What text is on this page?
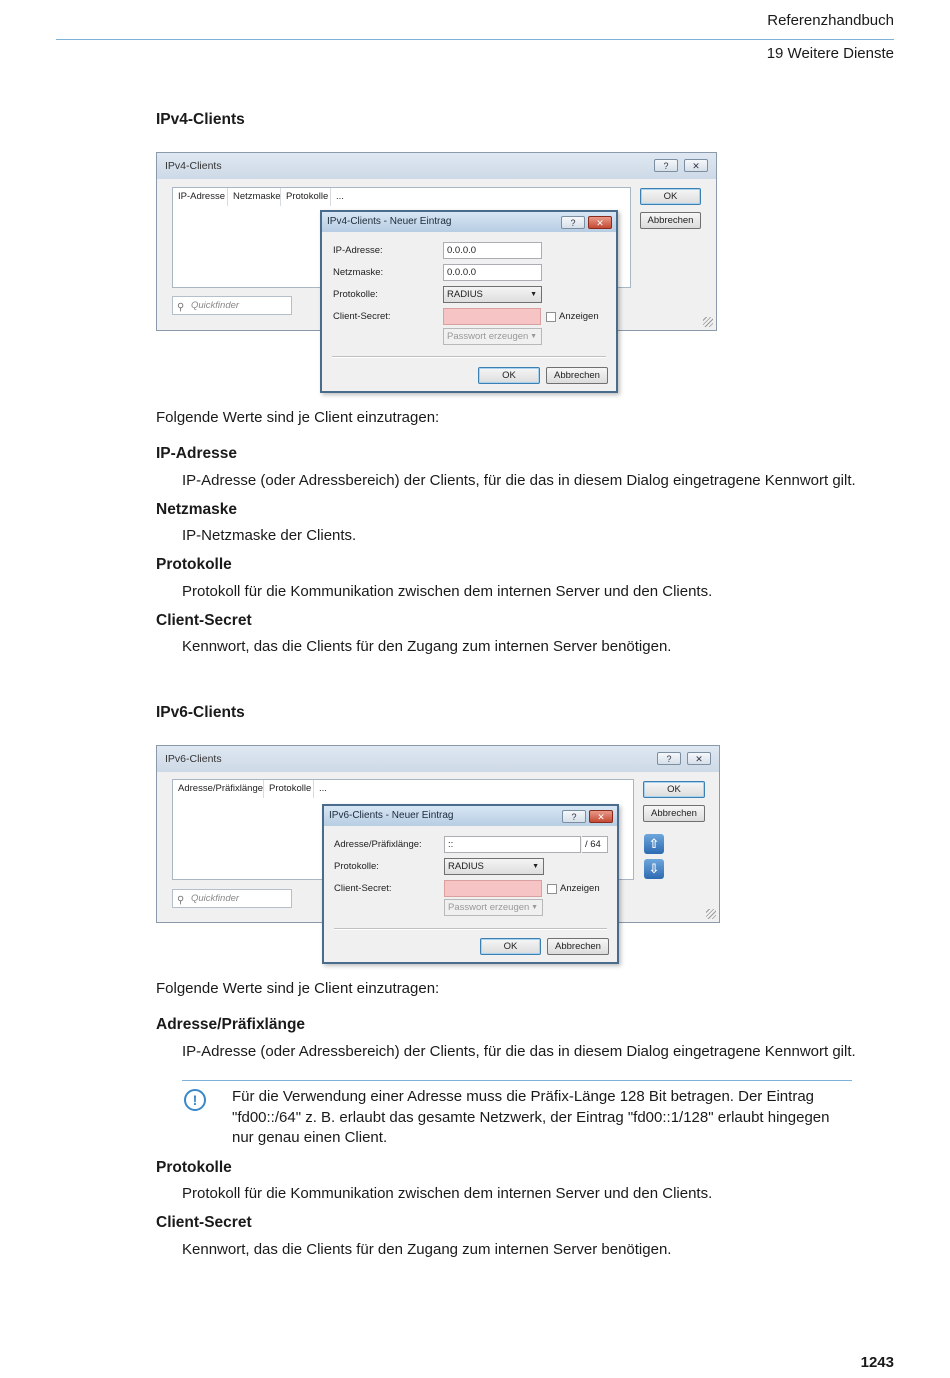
Referenzhandbuch
19 Weitere Dienste
IPv4-Clients
IPv4-Clients	?	✕
IP-Adresse Netzmaske Protokolle ...	OK
Abbrechen
⚲ Quickfinder
IPv4-Clients - Neuer Eintrag	?	✕
IP-Adresse:	0.0.0.0
Netzmaske:	0.0.0.0
Protokolle:	RADIUS	▼
Client-Secret:	Anzeigen
Passwort erzeugen ▼
OK	Abbrechen
Folgende Werte sind je Client einzutragen:
IP-Adresse
IP-Adresse (oder Adressbereich) der Clients, für die das in diesem Dialog eingetragene Kennwort gilt.
Netzmaske
IP-Netzmaske der Clients.
Protokolle
Protokoll für die Kommunikation zwischen dem internen Server und den Clients.
Client-Secret
Kennwort, das die Clients für den Zugang zum internen Server benötigen.
IPv6-Clients
IPv6-Clients	?	✕
Adresse/Präfixlänge Protokolle ...	OK
Abbrechen
⇧
⇩
⚲ Quickfinder
IPv6-Clients - Neuer Eintrag	?	✕
Adresse/Präfixlänge:	::	/ 64
Protokolle:	RADIUS	▼
Client-Secret:	Anzeigen
Passwort erzeugen ▼
OK	Abbrechen
Folgende Werte sind je Client einzutragen:
Adresse/Präfixlänge
IP-Adresse (oder Adressbereich) der Clients, für die das in diesem Dialog eingetragene Kennwort gilt.
!	Für die Verwendung einer Adresse muss die Präfix-Länge 128 Bit betragen. Der Eintrag "fd00::/64" z. B. erlaubt das gesamte Netzwerk, der Eintrag "fd00::1/128" erlaubt hingegen nur genau einen Client.
Protokolle
Protokoll für die Kommunikation zwischen dem internen Server und den Clients.
Client-Secret
Kennwort, das die Clients für den Zugang zum internen Server benötigen.
1243
